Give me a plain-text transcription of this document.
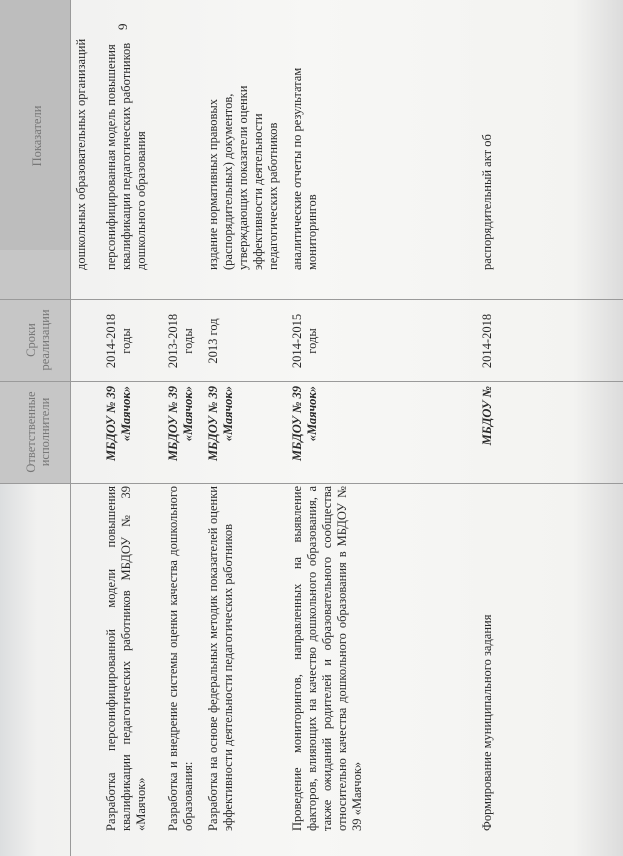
Ответственные исполнители
Сроки реализации
Показатели дошкольных образовательных организаций
Разработка персонифицированной модели повышения квалификации педагогических работников МБДОУ № 39 «Маячок»
МБДОУ № 39 «Маячок»
2014-2018 годы
персонифицированная модель повышения квалификации педагогических работников дошкольного образования
Разработка и внедрение системы оценки качества дошкольного образования:
МБДОУ № 39 «Маячок»
2013-2018 годы
Разработка на основе федеральных методик показателей оценки эффективности деятельности педагогических работников
МБДОУ № 39 «Маячок»
2013 год
издание нормативных правовых (распорядительных) документов, утверждающих показатели оценки эффективности деятельности педагогических работников
Проведение мониторингов, направленных на выявление факторов, влияющих на качество дошкольного образования, а также ожиданий родителей и образовательного сообщества относительно качества дошкольного образования в МБДОУ № 39 «Маячок»
МБДОУ № 39 «Маячок»
2014-2015 годы
аналитические отчеты по результатам мониторингов
Формирование муниципального задания
МБДОУ №
2014-2018
распорядительный акт об
9
